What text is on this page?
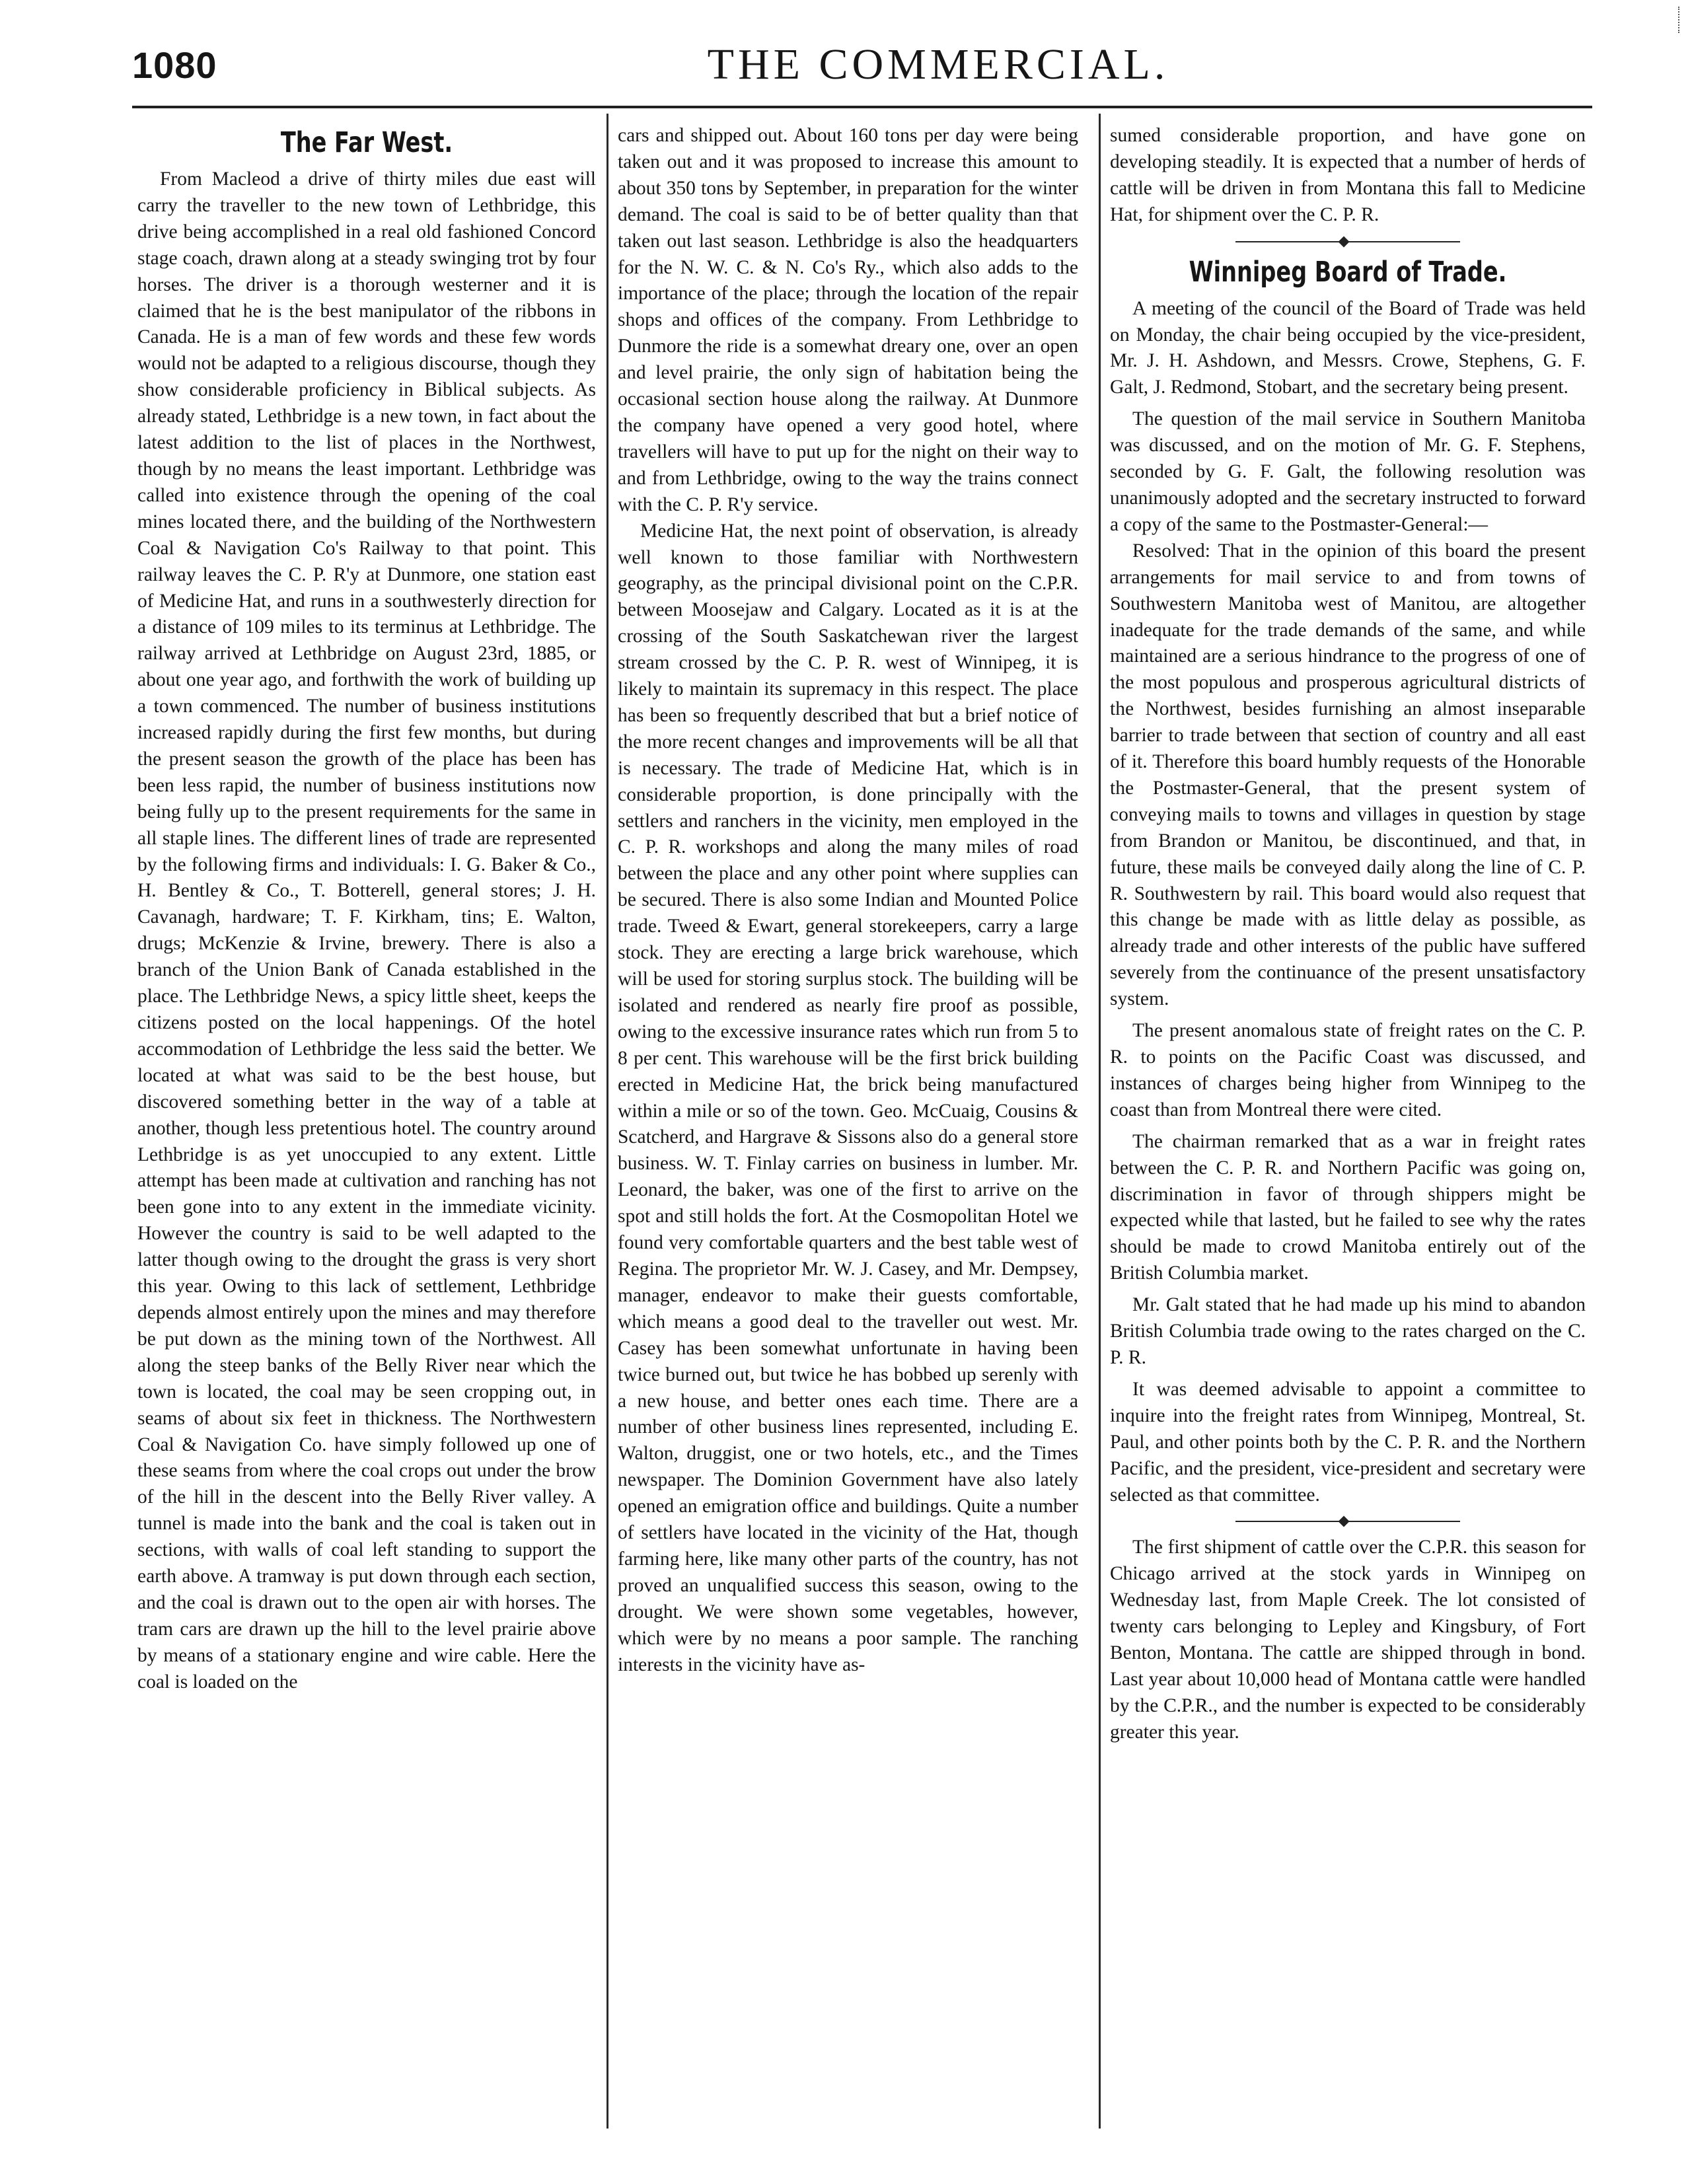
1080	THE COMMERCIAL.
The Far West.

From Macleod a drive of thirty miles due east will carry the traveller to the new town of Lethbridge, this drive being accomplished in a real old fashioned Concord stage coach, drawn along at a steady swinging trot by four horses. The driver is a thorough westerner and it is claimed that he is the best manipulator of the ribbons in Canada. He is a man of few words and these few words would not be adapted to a religious discourse, though they show considerable proficiency in Biblical subjects. As already stated, Lethbridge is a new town, in fact about the latest addition to the list of places in the Northwest, though by no means the least important. Lethbridge was called into existence through the opening of the coal mines located there, and the building of the Northwestern Coal & Navigation Co's Railway to that point. This railway leaves the C. P. R'y at Dunmore, one station east of Medicine Hat, and runs in a southwesterly direction for a distance of 109 miles to its terminus at Lethbridge. The railway arrived at Lethbridge on August 23rd, 1885, or about one year ago, and forthwith the work of building up a town commenced. The number of business institutions increased rapidly during the first few months, but during the present season the growth of the place has been has been less rapid, the number of business institutions now being fully up to the present requirements for the same in all staple lines. The different lines of trade are represented by the following firms and individuals: I. G. Baker & Co., H. Bentley & Co., T. Botterell, general stores; J. H. Cavanagh, hardware; T. F. Kirkham, tins; E. Walton, drugs; McKenzie & Irvine, brewery. There is also a branch of the Union Bank of Canada established in the place. The Lethbridge News, a spicy little sheet, keeps the citizens posted on the local happenings. Of the hotel accommodation of Lethbridge the less said the better. We located at what was said to be the best house, but discovered something better in the way of a table at another, though less pretentious hotel. The country around Lethbridge is as yet unoccupied to any extent. Little attempt has been made at cultivation and ranching has not been gone into to any extent in the immediate vicinity. However the country is said to be well adapted to the latter though owing to the drought the grass is very short this year. Owing to this lack of settlement, Lethbridge depends almost entirely upon the mines and may therefore be put down as the mining town of the Northwest. All along the steep banks of the Belly River near which the town is located, the coal may be seen cropping out, in seams of about six feet in thickness. The Northwestern Coal & Navigation Co. have simply followed up one of these seams from where the coal crops out under the brow of the hill in the descent into the Belly River valley. A tunnel is made into the bank and the coal is taken out in sections, with walls of coal left standing to support the earth above. A tramway is put down through each section, and the coal is drawn out to the open air with horses. The tram cars are drawn up the hill to the level prairie above by means of a stationary engine and wire cable. Here the coal is loaded on the

cars and shipped out. About 160 tons per day were being taken out and it was proposed to increase this amount to about 350 tons by September, in preparation for the winter demand. The coal is said to be of better quality than that taken out last season. Lethbridge is also the headquarters for the N. W. C. & N. Co's Ry., which also adds to the importance of the place; through the location of the repair shops and offices of the company. From Lethbridge to Dunmore the ride is a somewhat dreary one, over an open and level prairie, the only sign of habitation being the occasional section house along the railway. At Dunmore the company have opened a very good hotel, where travellers will have to put up for the night on their way to and from Lethbridge, owing to the way the trains connect with the C. P. R'y service.

Medicine Hat, the next point of observation, is already well known to those familiar with Northwestern geography, as the principal divisional point on the C.P.R. between Moosejaw and Calgary. Located as it is at the crossing of the South Saskatchewan river the largest stream crossed by the C. P. R. west of Winnipeg, it is likely to maintain its supremacy in this respect. The place has been so frequently described that but a brief notice of the more recent changes and improvements will be all that is necessary. The trade of Medicine Hat, which is in considerable proportion, is done principally with the settlers and ranchers in the vicinity, men employed in the C. P. R. workshops and along the many miles of road between the place and any other point where supplies can be secured. There is also some Indian and Mounted Police trade. Tweed & Ewart, general storekeepers, carry a large stock. They are erecting a large brick warehouse, which will be used for storing surplus stock. The building will be isolated and rendered as nearly fire proof as possible, owing to the excessive insurance rates which run from 5 to 8 per cent. This warehouse will be the first brick building erected in Medicine Hat, the brick being manufactured within a mile or so of the town. Geo. McCuaig, Cousins & Scatcherd, and Hargrave & Sissons also do a general store business. W. T. Finlay carries on business in lumber. Mr. Leonard, the baker, was one of the first to arrive on the spot and still holds the fort. At the Cosmopolitan Hotel we found very comfortable quarters and the best table west of Regina. The proprietor Mr. W. J. Casey, and Mr. Dempsey, manager, endeavor to make their guests comfortable, which means a good deal to the traveller out west. Mr. Casey has been somewhat unfortunate in having been twice burned out, but twice he has bobbed up serenly with a new house, and better ones each time. There are a number of other business lines represented, including E. Walton, druggist, one or two hotels, etc., and the Times newspaper. The Dominion Government have also lately opened an emigration office and buildings. Quite a number of settlers have located in the vicinity of the Hat, though farming here, like many other parts of the country, has not proved an unqualified success this season, owing to the drought. We were shown some vegetables, however, which were by no means a poor sample. The ranching interests in the vicinity have as-

sumed considerable proportion, and have gone on developing steadily. It is expected that a number of herds of cattle will be driven in from Montana this fall to Medicine Hat, for shipment over the C. P. R.

Winnipeg Board of Trade.

A meeting of the council of the Board of Trade was held on Monday, the chair being occupied by the vice-president, Mr. J. H. Ashdown, and Messrs. Crowe, Stephens, G. F. Galt, J. Redmond, Stobart, and the secretary being present.

The question of the mail service in Southern Manitoba was discussed, and on the motion of Mr. G. F. Stephens, seconded by G. F. Galt, the following resolution was unanimously adopted and the secretary instructed to forward a copy of the same to the Postmaster-General:—

Resolved: That in the opinion of this board the present arrangements for mail service to and from towns of Southwestern Manitoba west of Manitou, are altogether inadequate for the trade demands of the same, and while maintained are a serious hindrance to the progress of one of the most populous and prosperous agricultural districts of the Northwest, besides furnishing an almost inseparable barrier to trade between that section of country and all east of it. Therefore this board humbly requests of the Honorable the Postmaster-General, that the present system of conveying mails to towns and villages in question by stage from Brandon or Manitou, be discontinued, and that, in future, these mails be conveyed daily along the line of C. P. R. Southwestern by rail. This board would also request that this change be made with as little delay as possible, as already trade and other interests of the public have suffered severely from the continuance of the present unsatisfactory system.

The present anomalous state of freight rates on the C. P. R. to points on the Pacific Coast was discussed, and instances of charges being higher from Winnipeg to the coast than from Montreal there were cited.

The chairman remarked that as a war in freight rates between the C. P. R. and Northern Pacific was going on, discrimination in favor of through shippers might be expected while that lasted, but he failed to see why the rates should be made to crowd Manitoba entirely out of the British Columbia market.

Mr. Galt stated that he had made up his mind to abandon British Columbia trade owing to the rates charged on the C. P. R.

It was deemed advisable to appoint a committee to inquire into the freight rates from Winnipeg, Montreal, St. Paul, and other points both by the C. P. R. and the Northern Pacific, and the president, vice-president and secretary were selected as that committee.

The first shipment of cattle over the C.P.R. this season for Chicago arrived at the stock yards in Winnipeg on Wednesday last, from Maple Creek. The lot consisted of twenty cars belonging to Lepley and Kingsbury, of Fort Benton, Montana. The cattle are shipped through in bond. Last year about 10,000 head of Montana cattle were handled by the C.P.R., and the number is expected to be considerably greater this year.
